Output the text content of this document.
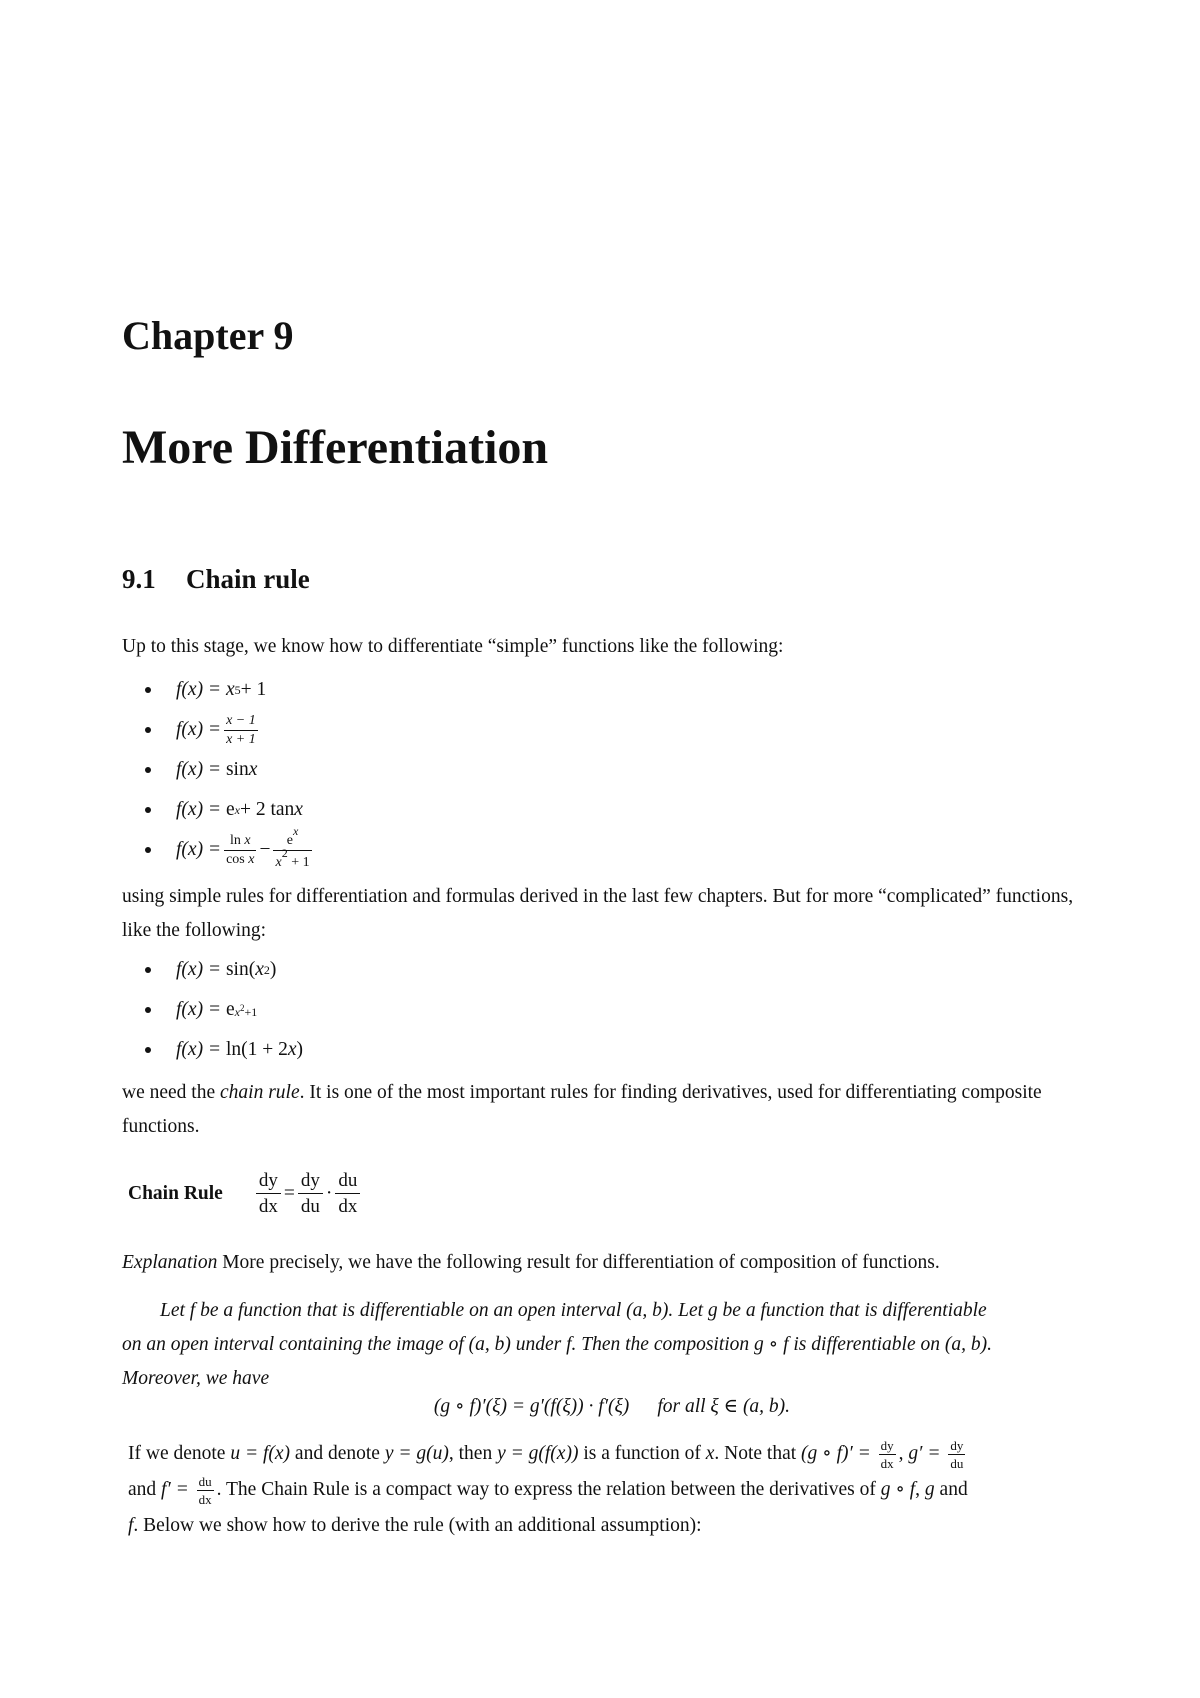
Chapter 9
More Differentiation
9.1 Chain rule
Up to this stage, we know how to differentiate “simple” functions like the following:
f(x) =
x 5 + 1
$f(x) = \frac{x - 1}{x + 1}$
f(x) =
sin x
f(x) =
e x + 2 tan x
$f(x) = \frac{\text{ln x}}{\text{cos x}} - \frac{e^x}{x^2 + 1}$
using simple rules for differentiation and formulas derived in the last few chapters. But for more “complicated” functions, like the following:
f(x) =
sin( x 2 )
f(x) =
e $x^2+1$
f(x) =
ln(1 + 2 x )
we need the chain rule. It is one of the most important rules for finding derivatives, used for differentiating composite functions.
Chain Rule $\frac{dy}{dx} = \frac{dy}{du} \cdot \frac{du}{dx}$
Explanation More precisely, we have the following result for differentiation of composition of functions.
Let f be a function that is differentiable on an open interval (a, b). Let g be a function that is differentiable
on an open interval containing the image of (a, b) under f. Then the composition g ∘ f is differentiable on (a, b).
Moreover, we have
(g ∘ f)′(ξ) = g′(f(ξ)) · f′(ξ) for all ξ ∈ (a, b).
If we denote u = f(x) and denote y = g(u), then y = g(f(x)) is a function of x. Note that (g ∘ $f)' = \frac{dy}{dx}$ , $g' = \frac{dy}{du}$

and $f' = \frac{du}{dx}$ . The Chain Rule is a compact way to express the relation between the derivatives of g ∘ f, g and
f. Below we show how to derive the rule (with an additional assumption):
